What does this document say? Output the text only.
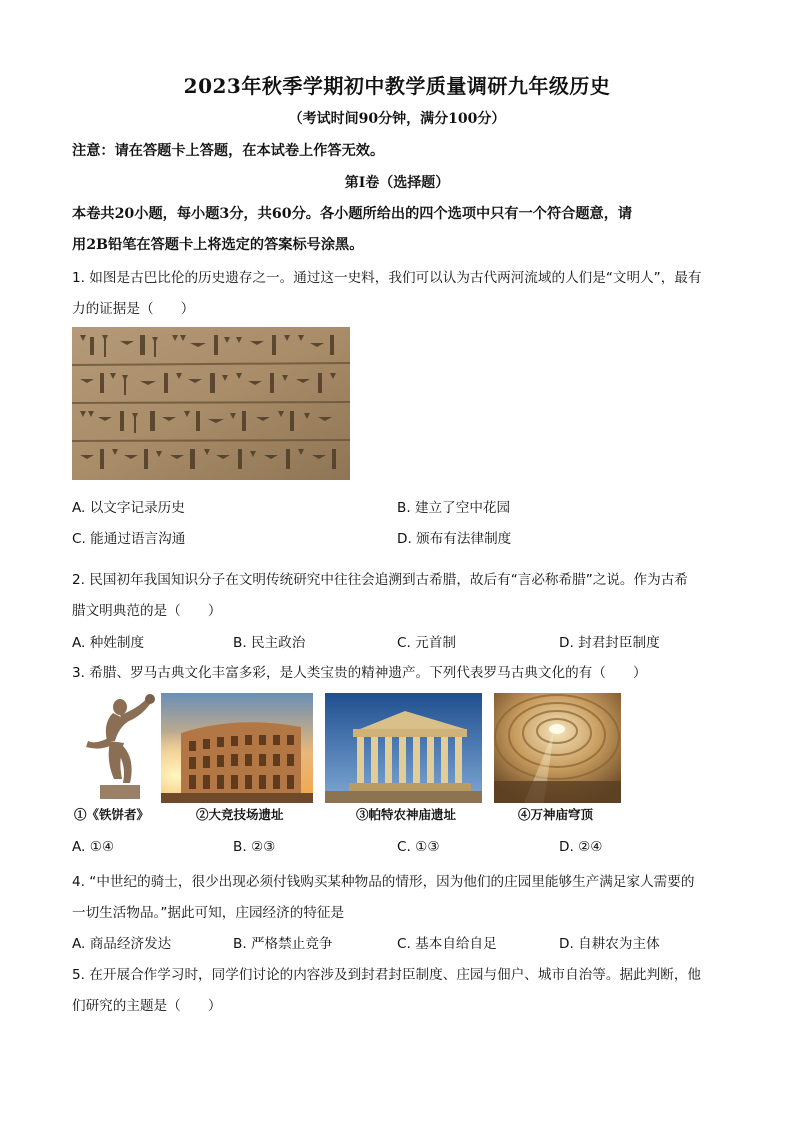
2023年秋季学期初中教学质量调研九年级历史
（考试时间90分钟，满分100分）
注意：请在答题卡上答题，在本试卷上作答无效。
第Ⅰ卷（选择题）
本卷共20小题，每小题3分，共60分。各小题所给出的四个选项中只有一个符合题意，请
用2B铅笔在答题卡上将选定的答案标号涂黑。
1. 如图是古巴比伦的历史遗存之一。通过这一史料，我们可以认为古代两河流域的人们是“文明人”，最有
力的证据是（　　）
A. 以文字记录历史	B. 建立了空中花园
C. 能通过语言沟通	D. 颁布有法律制度
2. 民国初年我国知识分子在文明传统研究中往往会追溯到古希腊，故后有“言必称希腊”之说。作为古希
腊文明典范的是（　　）
A. 种姓制度	B. 民主政治	C. 元首制	D. 封君封臣制度
3. 希腊、罗马古典文化丰富多彩，是人类宝贵的精神遗产。下列代表罗马古典文化的有（　　）
①《铁饼者》	②大竞技场遗址	③帕特农神庙遗址	④万神庙穹顶
A. ①④	B. ②③	C. ①③	D. ②④
4. “中世纪的骑士，很少出现必须付钱购买某种物品的情形，因为他们的庄园里能够生产满足家人需要的
一切生活物品。”据此可知，庄园经济的特征是
A. 商品经济发达	B. 严格禁止竞争	C. 基本自给自足	D. 自耕农为主体
5. 在开展合作学习时，同学们讨论的内容涉及到封君封臣制度、庄园与佃户、城市自治等。据此判断，他
们研究的主题是（　　）
